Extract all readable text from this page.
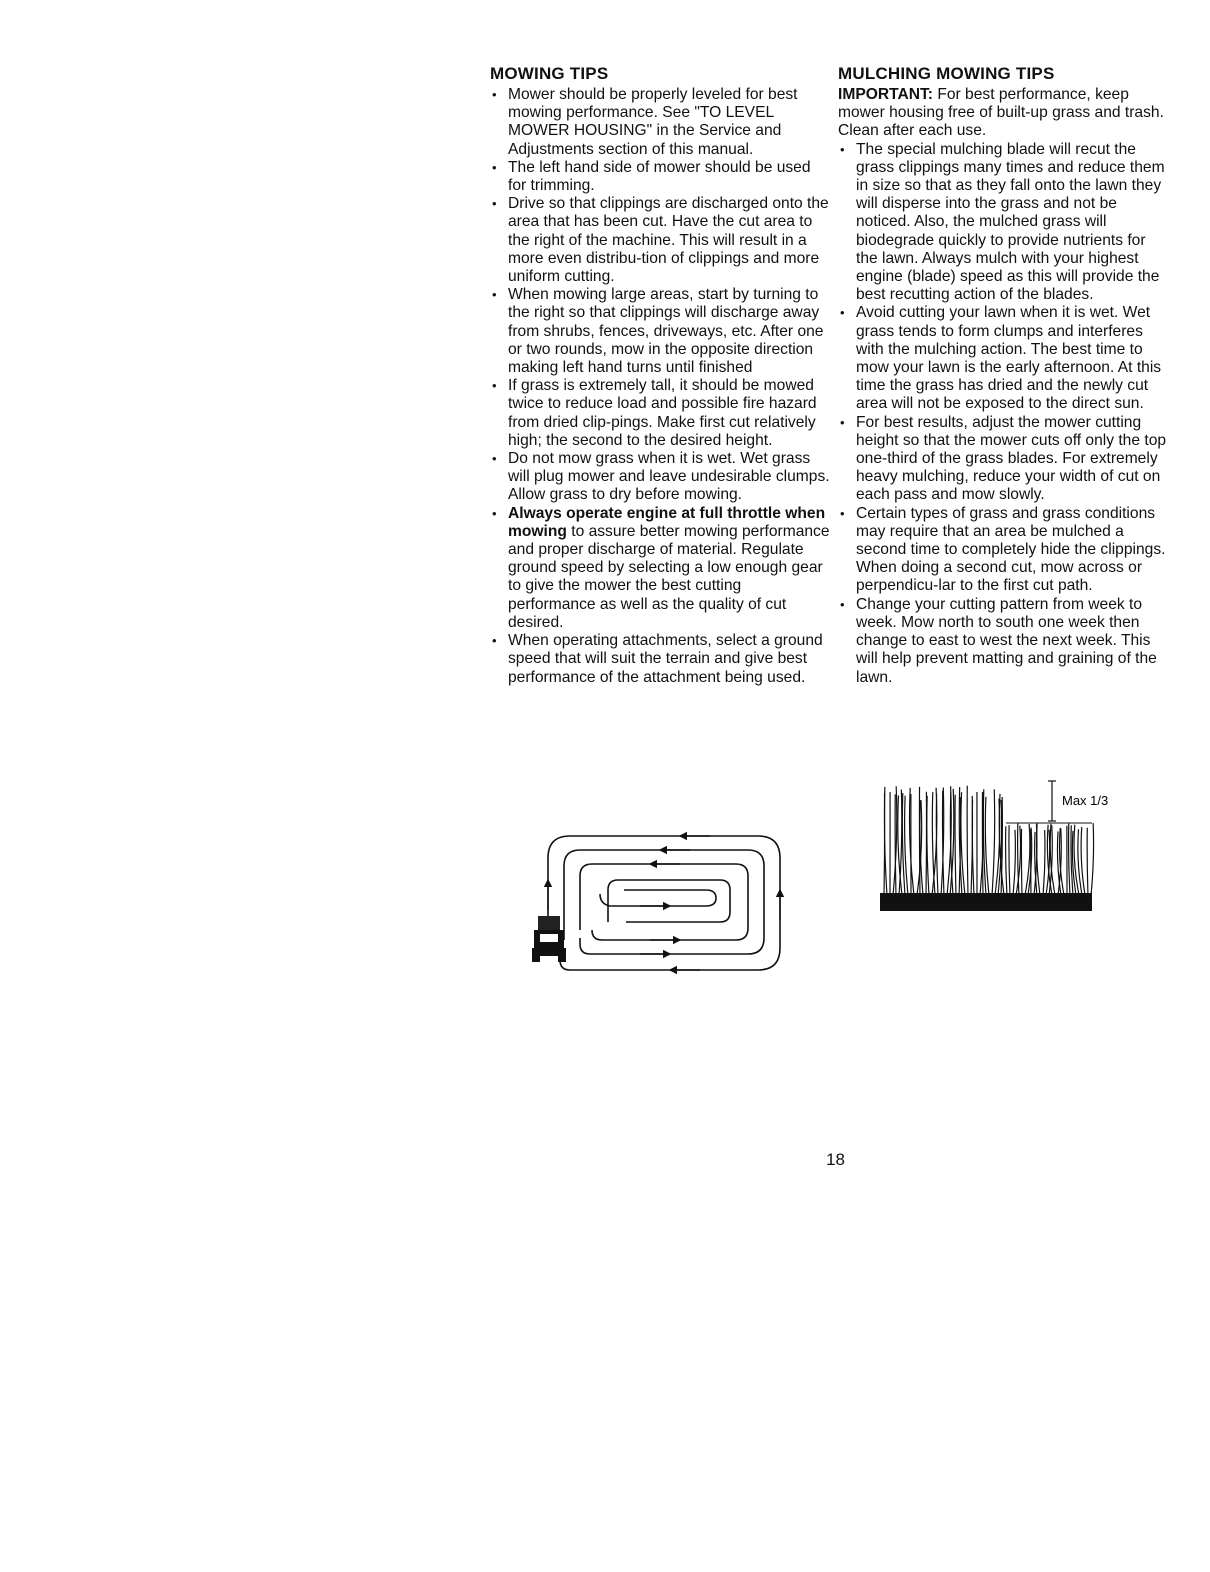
MOWING TIPS
• Mower should be properly leveled for best mowing performance. See "TO LEVEL MOWER HOUSING" in the Service and Adjustments section of this manual.
• The left hand side of mower should be used for trimming.
• Drive so that clippings are discharged onto the area that has been cut. Have the cut area to the right of the machine. This will result in a more even distribu-tion of clippings and more uniform cutting.
• When mowing large areas, start by turning to the right so that clippings will discharge away from shrubs, fences, driveways, etc. After one or two rounds, mow in the opposite direction making left hand turns until finished
• If grass is extremely tall, it should be mowed twice to reduce load and possible fire hazard from dried clip-pings. Make first cut relatively high; the second to the desired height.
• Do not mow grass when it is wet. Wet grass will plug mower and leave undesirable clumps. Allow grass to dry before mowing.
• Always operate engine at full throttle when mowing to assure better mowing performance and proper discharge of material. Regulate ground speed by selecting a low enough gear to give the mower the best cutting performance as well as the quality of cut desired.
• When operating attachments, select a ground speed that will suit the terrain and give best performance of the attachment being used.
MULCHING MOWING TIPS

IMPORTANT: For best performance, keep mower housing free of built-up grass and trash. Clean after each use.

• The special mulching blade will recut the grass clippings many times and reduce them in size so that as they fall onto the lawn they will disperse into the grass and not be noticed. Also, the mulched grass will biodegrade quickly to provide nutrients for the lawn. Always mulch with your highest engine (blade) speed as this will provide the best recutting action of the blades.
• Avoid cutting your lawn when it is wet. Wet grass tends to form clumps and interferes with the mulching action. The best time to mow your lawn is the early afternoon. At this time the grass has dried and the newly cut area will not be exposed to the direct sun.
• For best results, adjust the mower cutting height so that the mower cuts off only the top one-third of the grass blades. For extremely heavy mulching, reduce your width of cut on each pass and mow slowly.
• Certain types of grass and grass conditions may require that an area be mulched a second time to completely hide the clippings. When doing a second cut, mow across or perpendicu-lar to the first cut path.
• Change your cutting pattern from week to week. Mow north to south one week then change to east to west the next week. This will help prevent matting and graining of the lawn.
Max 1/3
18
